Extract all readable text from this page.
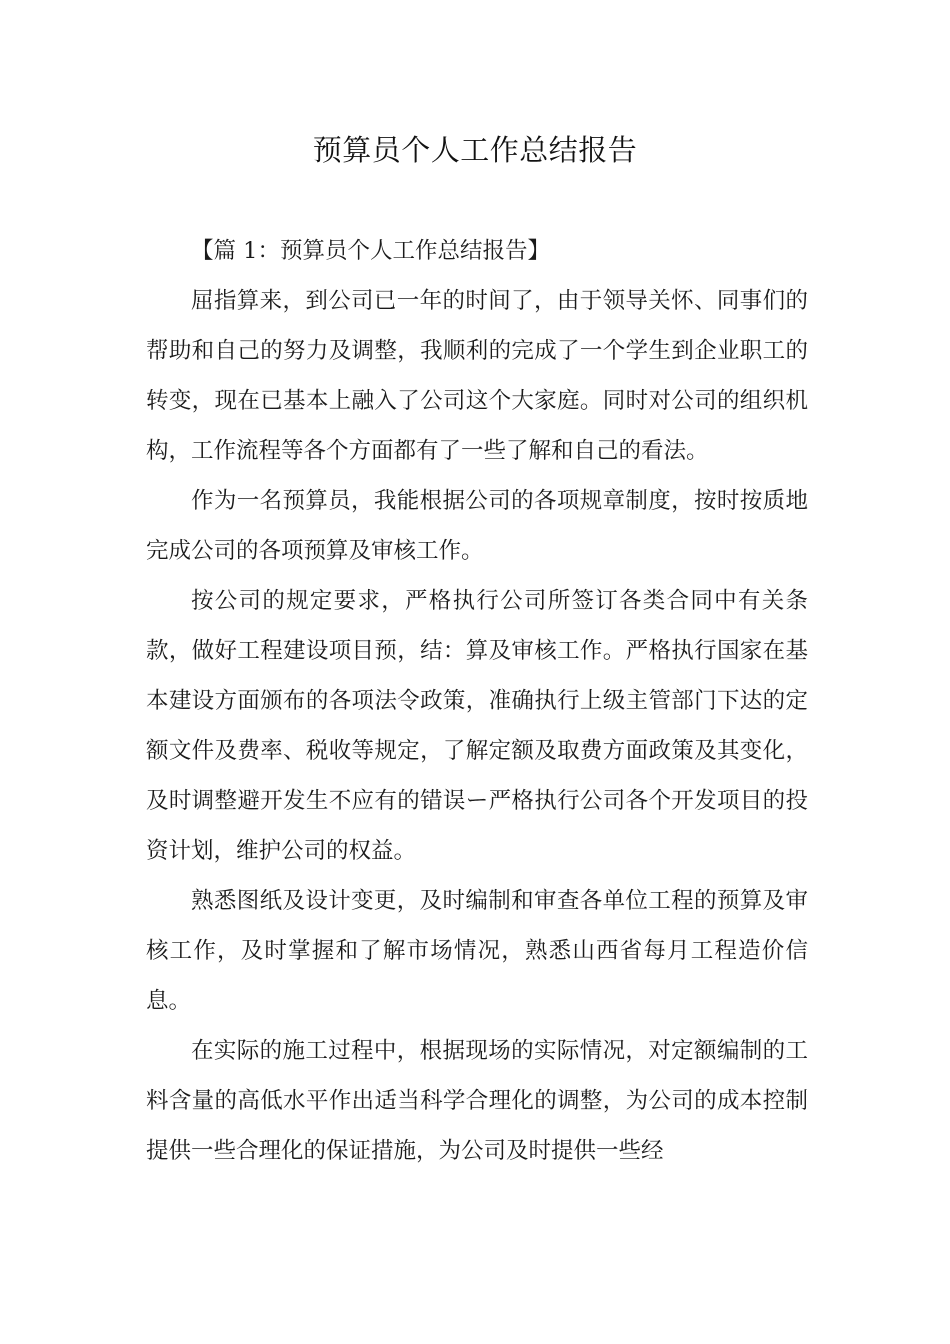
预算员个人工作总结报告

【篇 1：预算员个人工作总结报告】

屈指算来，到公司已一年的时间了，由于领导关怀、同事们的帮助和自己的努力及调整，我顺利的完成了一个学生到企业职工的转变，现在已基本上融入了公司这个大家庭。同时对公司的组织机构，工作流程等各个方面都有了一些了解和自己的看法。

作为一名预算员，我能根据公司的各项规章制度，按时按质地完成公司的各项预算及审核工作。

按公司的规定要求，严格执行公司所签订各类合同中有关条款，做好工程建设项目预，结：算及审核工作。严格执行国家在基本建设方面颁布的各项法令政策，准确执行上级主管部门下达的定额文件及费率、税收等规定，了解定额及取费方面政策及其变化，及时调整避开发生不应有的错误ー严格执行公司各个开发项目的投资计划，维护公司的权益。

熟悉图纸及设计变更，及时编制和审查各单位工程的预算及审核工作，及时掌握和了解市场情况，熟悉山西省每月工程造价信息。

在实际的施工过程中，根据现场的实际情况，对定额编制的工料含量的高低水平作出适当科学合理化的调整，为公司的成本控制提供一些合理化的保证措施，为公司及时提供一些经
